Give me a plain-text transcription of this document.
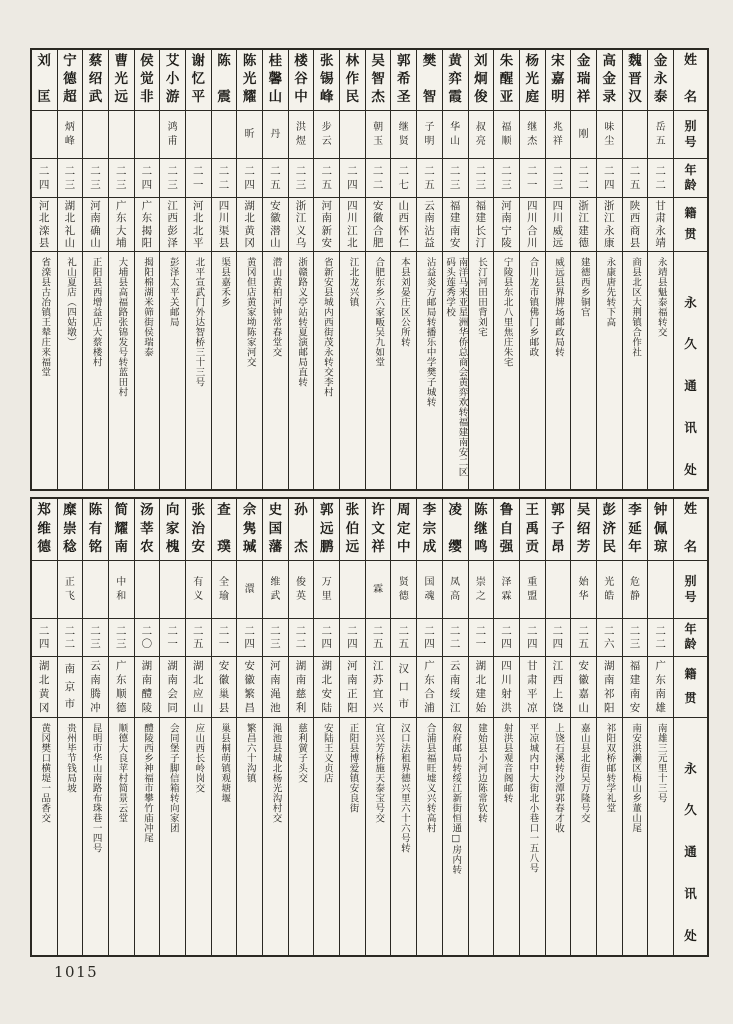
姓
名
别
号
年
龄
籍
贯
永
久
通
讯
处
金
永
泰
岳
五
二
二
甘
肃
永
靖
永靖县魁泰福转交
魏
晋
汉
二
五
陕
西
商
县
商县北区大荆镇合作社
高
金
录
味
尘
二
四
浙
江
永
康
永康唐先转下高
金
瑞
祥
刚
二
二
浙
江
建
德
建德西乡铜官
宋
嘉
明
兆
祥
二
三
四
川
威
远
威远县界牌场邮政局转
杨
光
庭
继
杰
二
一
四
川
合
川
合川龙市镇佛门乡邮政
朱
醒
亚
福
顺
二
三
河
南
宁
陵
宁陵县东北八里焦庄朱宅
刘
炯
俊
叔
亮
二
三
福
建
长
汀
长汀河田田背刘宅
黄
弈
霞
华
山
二
三
福
建
南
安
南洋马来亚星洲华侨总商会黄弈欢转福建南安二区码头莲秀学校
樊
智
子
明
二
五
云
南
沾
益
沾益炎方邮局转播乐中学樊子城转
郭
希
圣
继
贤
二
七
山
西
怀
仁
本县刘晏庄区公所转
吴
智
杰
朝
玉
二
二
安
徽
合
肥
合肥东乡六家畈吴九如堂
林
作
民
二
四
四
川
江
北
江北龙兴镇
张
锡
峰
步
云
二
五
河
南
新
安
省新安县城内西街茂永转交李村
楼
谷
中
洪
煜
二
三
浙
江
义
乌
浙赣路义亭站转夏演邮局直转
桂
馨
山
丹
二
五
安
徽
潜
山
潜山黄柏河钟常春堂交
陈
光
耀
昕
二
四
湖
北
黄
冈
黄冈但店黄家坳陈家河交
陈
震
二
二
四
川
渠
县
渠县嘉禾乡
谢
忆
平
二
一
河
北
北
平
北平宣武门外达智桥三十三号
艾
小
游
鸿
甫
二
三
江
西
彭
泽
彭泽太平关邮局
侯
觉
非
二
四
广
东
揭
阳
揭阳棉湖米筛街侯瑞泰
曹
光
远
二
三
广
东
大
埔
大埔县高福路张锦发号转蓝田村
蔡
绍
武
二
三
河
南
确
山
正阳县西增益店大蔡楼村
宁
德
超
炳
峰
二
三
湖
北
礼
山
礼山夏店（四姑墩）
刘
匡
二
四
河
北
滦
县
省滦县古冶镇王辇庄来福堂
姓
名
别
号
年
龄
籍
贯
永
久
通
讯
处
钟
佩
琼
二
二
广
东
南
雄
南雄三元里十三号
李
延
年
危
静
二
三
福
建
南
安
南安洪濑区梅山乡董山尾
彭
济
民
光
皓
二
六
湖
南
祁
阳
祁阳双桥邮转学礼堂
吴
绍
芳
始
华
二
五
安
徽
嘉
山
嘉山县北街吴万隆号交
郭
子
昂
二
四
江
西
上
饶
上饶石溪转沙潭郭春才收
王
禹
贡
重
盟
二
四
甘
肃
平
凉
平凉城内中大街北小巷口一五八号
鲁
自
强
泽
霖
二
四
四
川
射
洪
射洪县观音阁邮转
陈
继
鸣
崇
之
二
一
湖
北
建
始
建始县小河边陈常钦转
凌
缨
凤
高
二
二
云
南
绥
江
叙府邮局转绥江新街恒通□房内转
李
宗
成
国
魂
二
四
广
东
合
浦
合浦县福旺墟义兴转高村
周
定
中
贤
德
二
五
汉
口
市
汉口法租界德兴里六十六号转
许
文
祥
霖
二
五
江
苏
宜
兴
宜兴芳桥施天泰宝号交
张
伯
远
二
四
河
南
正
阳
正阳县博爱镇安良街
郭
远
鹏
万
里
二
四
湖
北
安
陆
安陆王义贞店
孙
杰
俊
英
二
二
湖
南
慈
利
慈利黉子头交
史
国
藩
维
武
二
三
河
南
渑
池
渑池县城北杨光沟村交
佘
隽
瑊
澴
二
四
安
徽
繁
昌
繁昌六十沟镇
查
璞
全
瑜
二
一
安
徽
巢
县
巢县桐萌镇观塘堰
张
治
安
有
义
二
五
湖
北
应
山
应山西长岭岗交
向
家
槐
二
一
湖
南
会
同
会同堡子脚信箱转向家团
汤
莘
农
二
〇
湖
南
醴
陵
醴陵西乡神福市攀竹庙冲尾
简
耀
南
中
和
二
三
广
东
顺
德
顺德大良苹村简景云堂
陈
有
铭
二
三
云
南
腾
冲
昆明市华山南路布珠巷一四号
糜
崇
稔
正
飞
二
二
南
京
市
贵州毕节钱局坡
郑
维
德
二
四
湖
北
黄
冈
黄冈樊口横堤一品香交
1015
